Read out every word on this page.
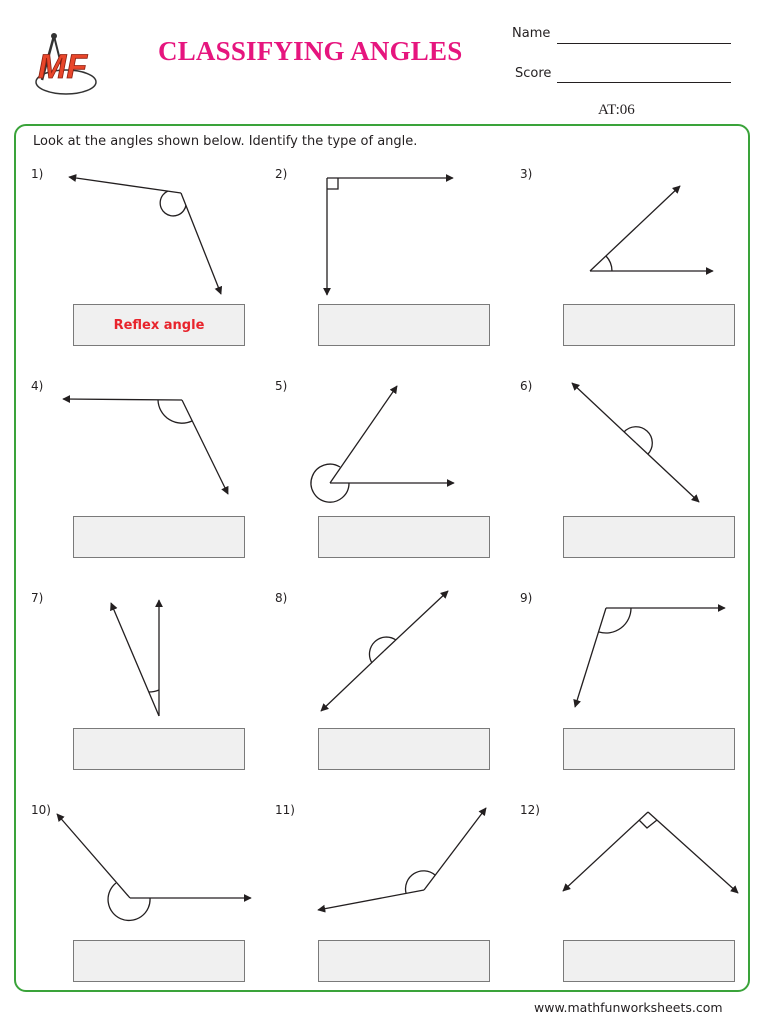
MF	CLASSIFYING ANGLES
Name
Score
AT:06
Look at the angles shown below. Identify the type of angle.
1)	2)	3)
4)	5)	6)
7)	8)	9)
10)	11)	12)
Reflex angle
www.mathfunworksheets.com
